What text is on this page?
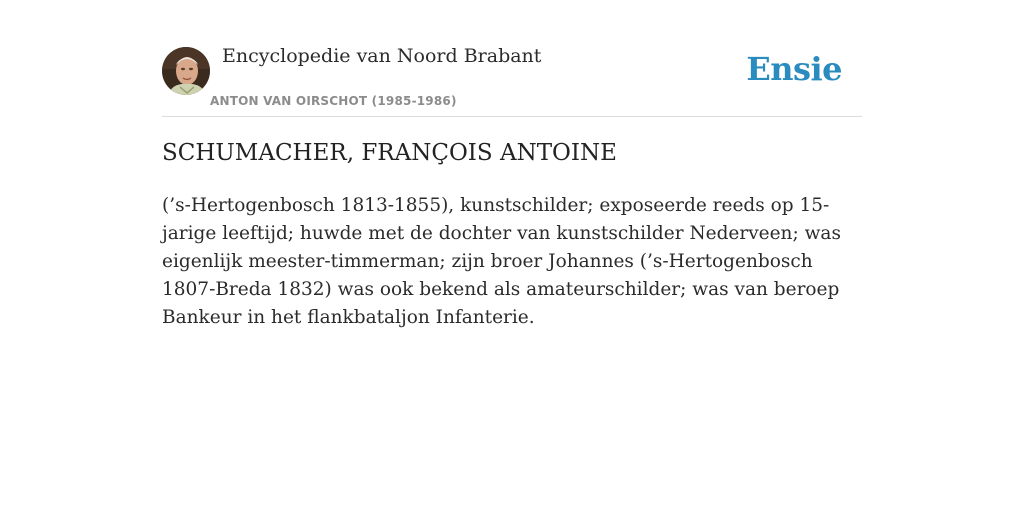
Encyclopedie van Noord Brabant
ANTON VAN OIRSCHOT (1985-1986)
Ensie
SCHUMACHER, FRANÇOIS ANTOINE

(’s-Hertogenbosch 1813-1855), kunstschilder; exposeerde reeds op 15-jarige leeftijd; huwde met de dochter van kunstschilder Nederveen; was eigenlijk meester-timmerman; zijn broer Johannes (’s-Hertogenbosch 1807-Breda 1832) was ook bekend als amateurschilder; was van beroep Bankeur in het flankbataljon Infanterie.
